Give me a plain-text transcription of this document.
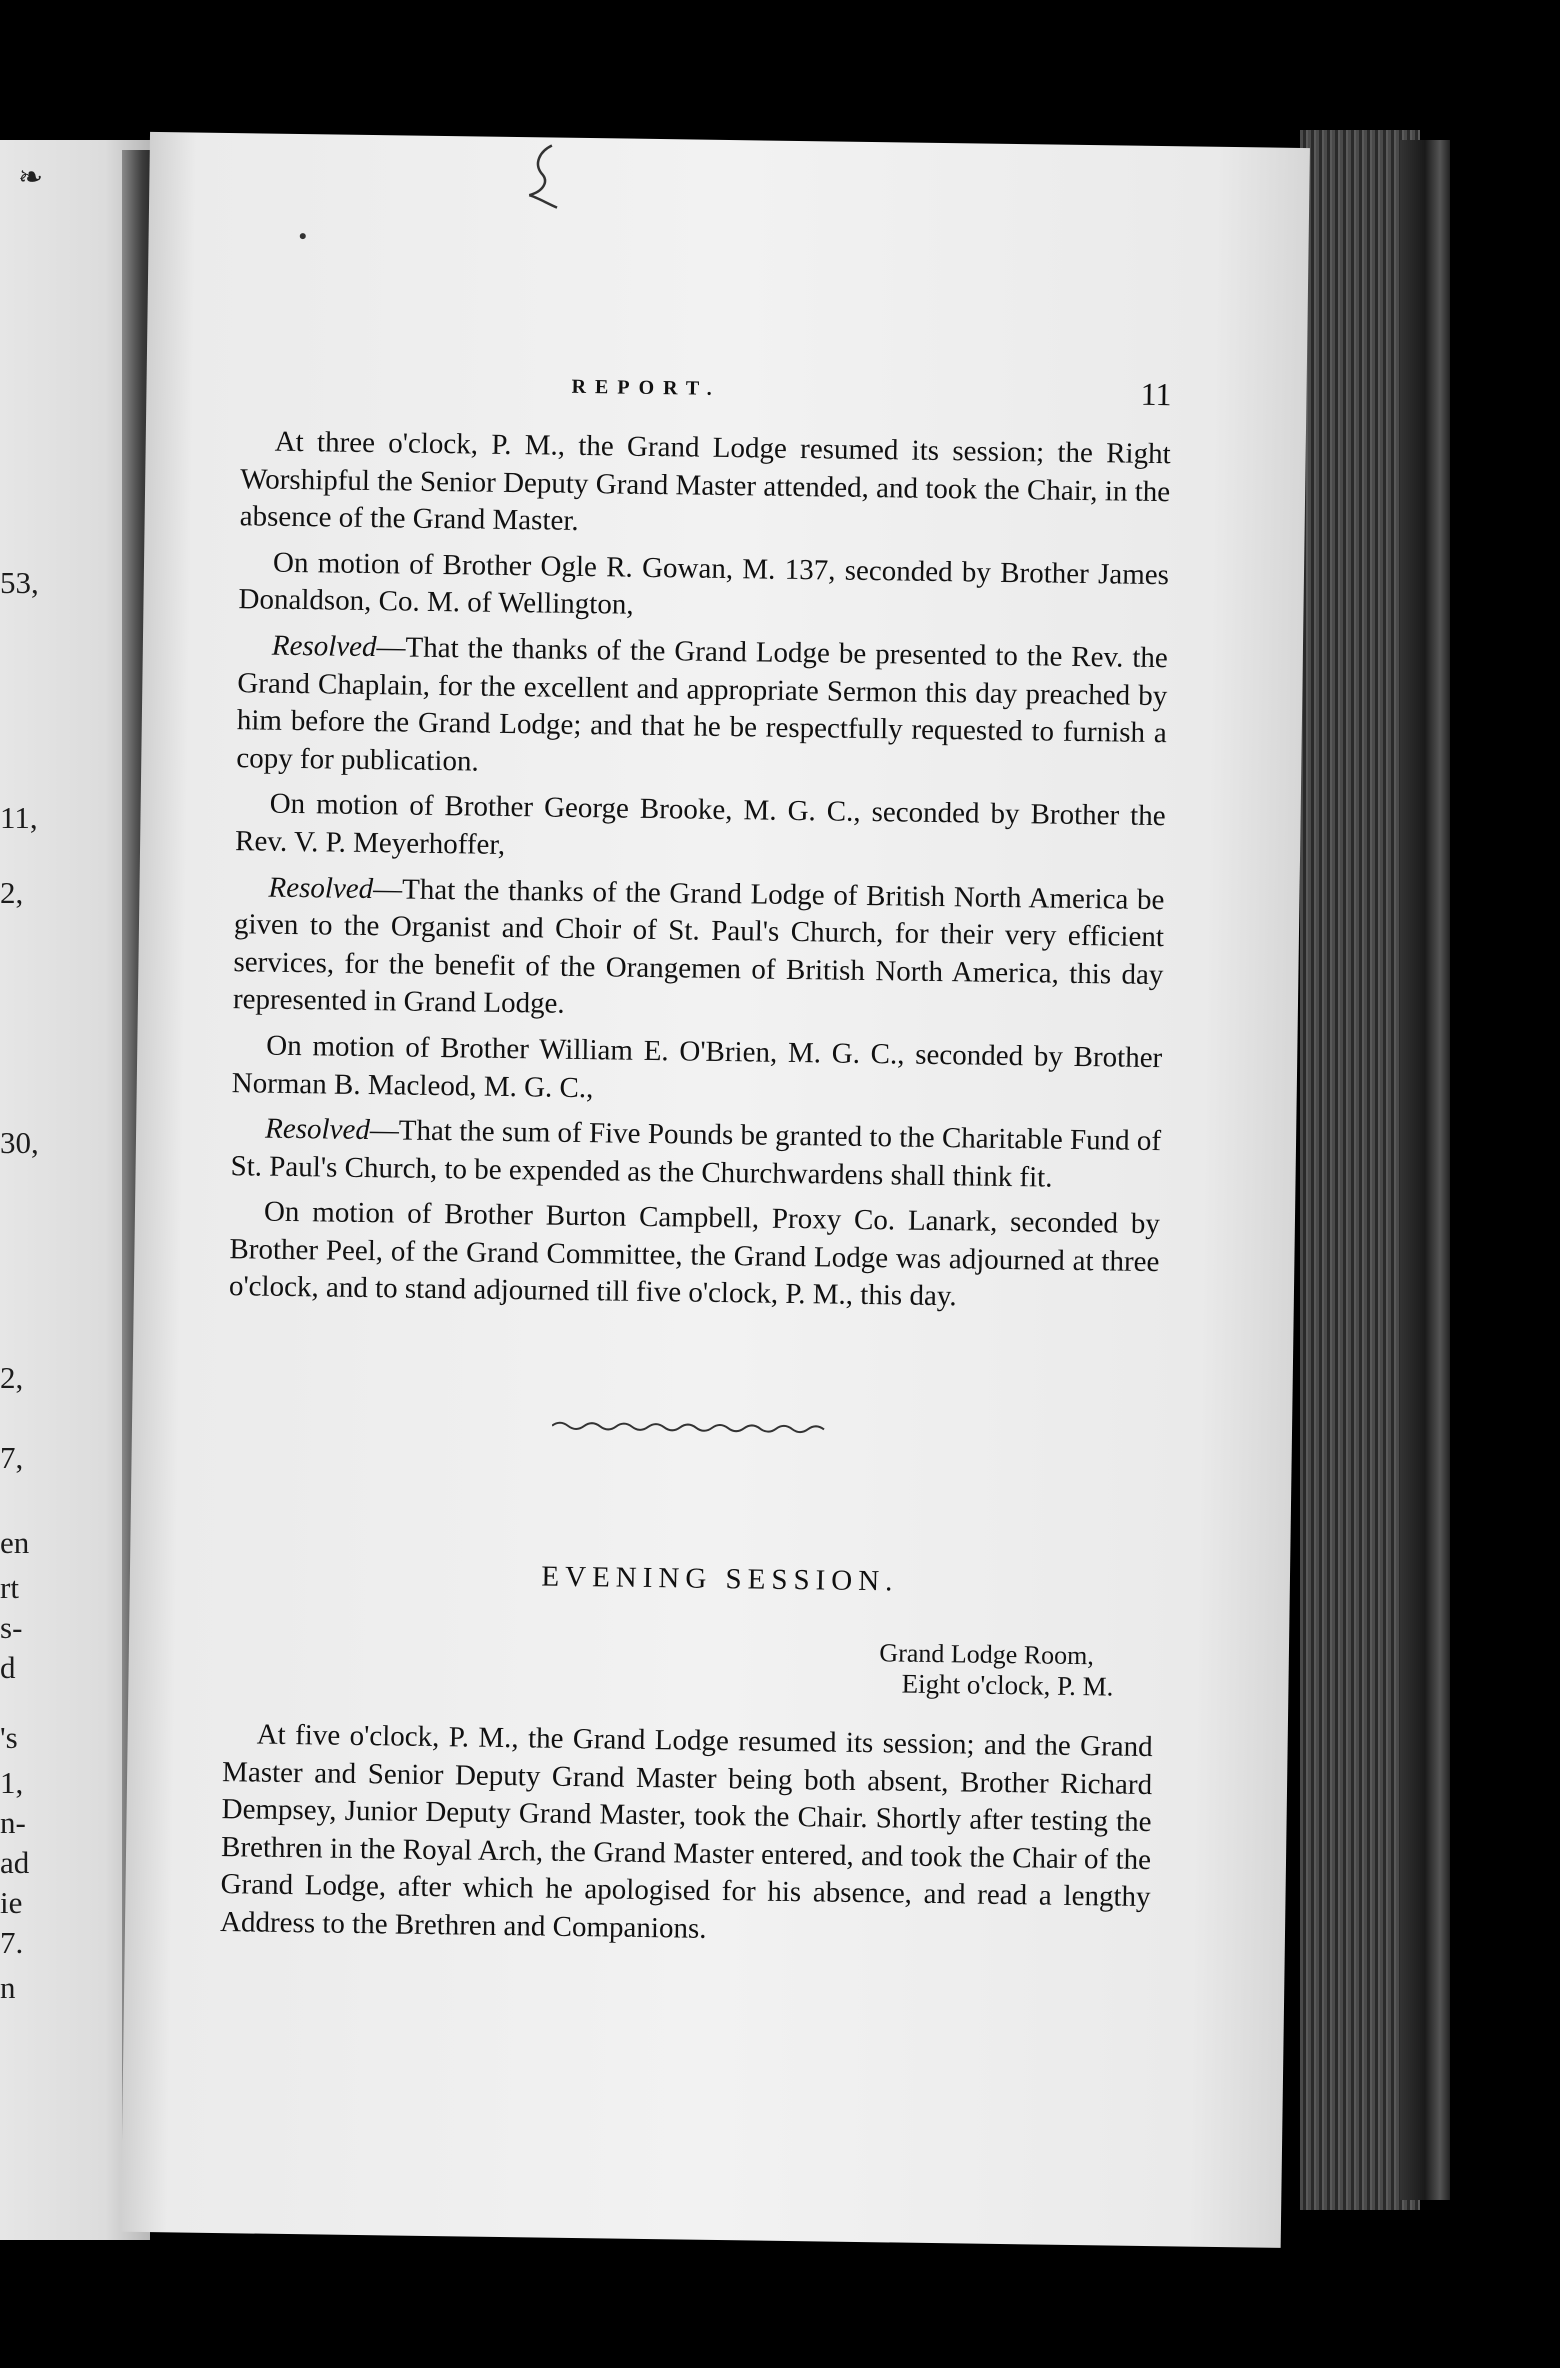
❧
53,
11,
2,
30,
2,
7,
en
rt
s-
d
's
1,
n-
ad
ie
7.
n
●
REPORT.	11

At three o'clock, P. M., the Grand Lodge resumed its session; the Right Worshipful the Senior Deputy Grand Master attended, and took the Chair, in the absence of the Grand Master.

On motion of Brother Ogle R. Gowan, M. 137, seconded by Brother James Donaldson, Co. M. of Wellington,

Resolved—That the thanks of the Grand Lodge be presented to the Rev. the Grand Chaplain, for the excellent and appropriate Sermon this day preached by him before the Grand Lodge; and that he be respectfully requested to furnish a copy for publication.

On motion of Brother George Brooke, M. G. C., seconded by Brother the Rev. V. P. Meyerhoffer,

Resolved—That the thanks of the Grand Lodge of British North America be given to the Organist and Choir of St. Paul's Church, for their very efficient services, for the benefit of the Orangemen of British North America, this day represented in Grand Lodge.

On motion of Brother William E. O'Brien, M. G. C., seconded by Brother Norman B. Macleod, M. G. C.,

Resolved—That the sum of Five Pounds be granted to the Charitable Fund of St. Paul's Church, to be expended as the Churchwardens shall think fit.

On motion of Brother Burton Campbell, Proxy Co. Lanark, seconded by Brother Peel, of the Grand Committee, the Grand Lodge was adjourned at three o'clock, and to stand adjourned till five o'clock, P. M., this day.

EVENING SESSION.
Grand Lodge Room,
Eight o'clock, P. M.

At five o'clock, P. M., the Grand Lodge resumed its session; and the Grand Master and Senior Deputy Grand Master being both absent, Brother Richard Dempsey, Junior Deputy Grand Master, took the Chair. Shortly after testing the Brethren in the Royal Arch, the Grand Master entered, and took the Chair of the Grand Lodge, after which he apologised for his absence, and read a lengthy Address to the Brethren and Companions.
